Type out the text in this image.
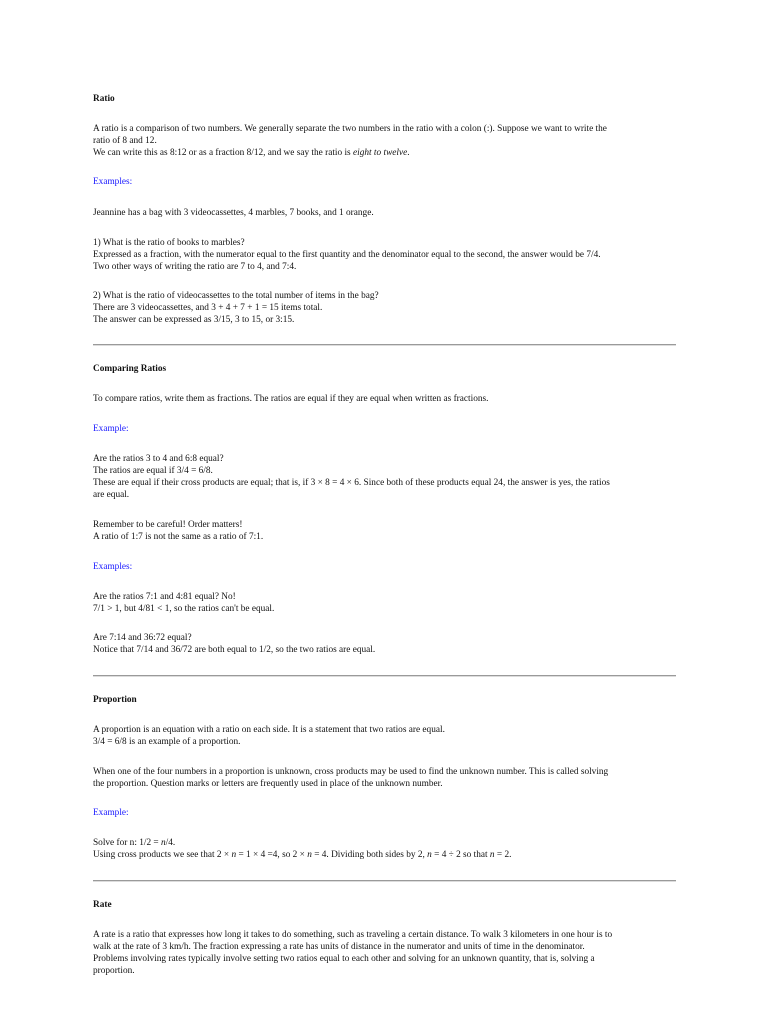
Ratio
A ratio is a comparison of two numbers. We generally separate the two numbers in the ratio with a colon (:). Suppose we want to write the
ratio of 8 and 12.
We can write this as 8:12 or as a fraction 8/12, and we say the ratio is eight to twelve.
Examples:
Jeannine has a bag with 3 videocassettes, 4 marbles, 7 books, and 1 orange.
1) What is the ratio of books to marbles?
Expressed as a fraction, with the numerator equal to the first quantity and the denominator equal to the second, the answer would be 7/4.
Two other ways of writing the ratio are 7 to 4, and 7:4.
2) What is the ratio of videocassettes to the total number of items in the bag?
There are 3 videocassettes, and 3 + 4 + 7 + 1 = 15 items total.
The answer can be expressed as 3/15, 3 to 15, or 3:15.
Comparing Ratios
To compare ratios, write them as fractions. The ratios are equal if they are equal when written as fractions.
Example:
Are the ratios 3 to 4 and 6:8 equal?
The ratios are equal if 3/4 = 6/8.
These are equal if their cross products are equal; that is, if 3 × 8 = 4 × 6. Since both of these products equal 24, the answer is yes, the ratios
are equal.
Remember to be careful! Order matters!
A ratio of 1:7 is not the same as a ratio of 7:1.
Examples:
Are the ratios 7:1 and 4:81 equal? No!
7/1 > 1, but 4/81 < 1, so the ratios can't be equal.
Are 7:14 and 36:72 equal?
Notice that 7/14 and 36/72 are both equal to 1/2, so the two ratios are equal.
Proportion
A proportion is an equation with a ratio on each side. It is a statement that two ratios are equal.
3/4 = 6/8 is an example of a proportion.
When one of the four numbers in a proportion is unknown, cross products may be used to find the unknown number. This is called solving
the proportion. Question marks or letters are frequently used in place of the unknown number.
Example:
Solve for n: 1/2 = n/4.
Using cross products we see that 2 × n = 1 × 4 =4, so 2 × n = 4. Dividing both sides by 2, n = 4 ÷ 2 so that n = 2.
Rate
A rate is a ratio that expresses how long it takes to do something, such as traveling a certain distance. To walk 3 kilometers in one hour is to
walk at the rate of 3 km/h. The fraction expressing a rate has units of distance in the numerator and units of time in the denominator.
Problems involving rates typically involve setting two ratios equal to each other and solving for an unknown quantity, that is, solving a
proportion.
